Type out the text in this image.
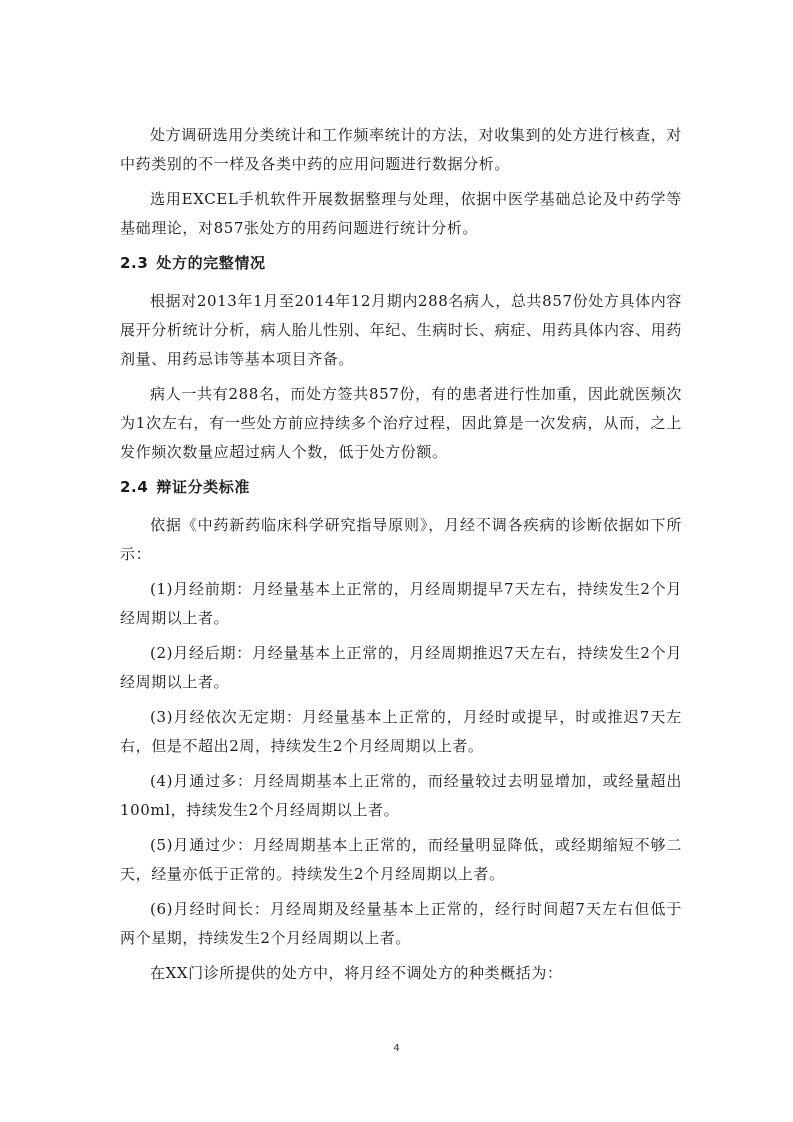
处方调研选用分类统计和工作频率统计的方法，对收集到的处方进行核查，对中药类别的不一样及各类中药的应用问题进行数据分析。

选用EXCEL手机软件开展数据整理与处理，依据中医学基础总论及中药学等基础理论，对857张处方的用药问题进行统计分析。

2.3 处方的完整情况

根据对2013年1月至2014年12月期内288名病人，总共857份处方具体内容展开分析统计分析，病人胎儿性别、年纪、生病时长、病症、用药具体内容、用药剂量、用药忌讳等基本项目齐备。

病人一共有288名，而处方签共857份，有的患者进行性加重，因此就医频次为1次左右，有一些处方前应持续多个治疗过程，因此算是一次发病，从而，之上发作频次数量应超过病人个数，低于处方份额。

2.4 辩证分类标准

依据《中药新药临床科学研究指导原则》，月经不调各疾病的诊断依据如下所示：

(1)月经前期：月经量基本上正常的，月经周期提早7天左右，持续发生2个月经周期以上者。

(2)月经后期：月经量基本上正常的，月经周期推迟7天左右，持续发生2个月经周期以上者。

(3)月经依次无定期：月经量基本上正常的，月经时或提早，时或推迟7天左右，但是不超出2周，持续发生2个月经周期以上者。

(4)月通过多：月经周期基本上正常的，而经量较过去明显增加，或经量超出100ml，持续发生2个月经周期以上者。

(5)月通过少：月经周期基本上正常的，而经量明显降低，或经期缩短不够二天，经量亦低于正常的。持续发生2个月经周期以上者。

(6)月经时间长：月经周期及经量基本上正常的，经行时间超7天左右但低于两个星期，持续发生2个月经周期以上者。

在XX门诊所提供的处方中，将月经不调处方的种类概括为：

4
